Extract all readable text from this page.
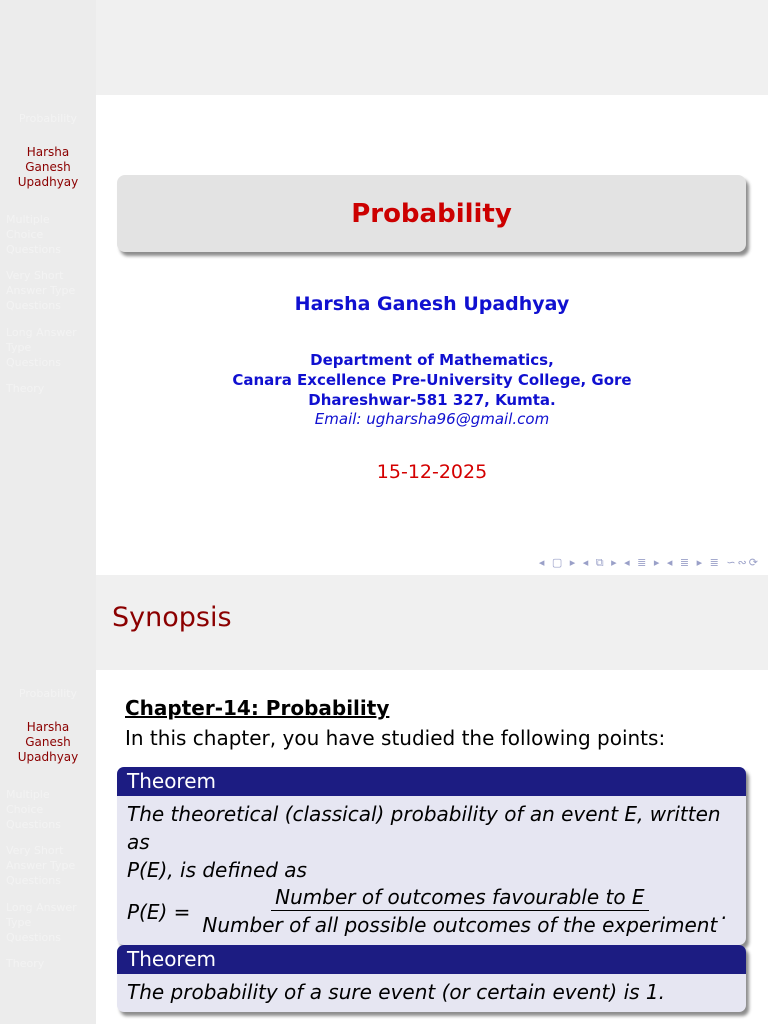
Probability
Harsha
Ganesh
Upadhyay
Multiple
Choice
Questions
Very Short
Answer Type
Questions
Long Answer
Type
Questions
Theory
Probability
Harsha Ganesh Upadhyay
Department of Mathematics,
Canara Excellence Pre-University College, Gore
Dhareshwar-581 327, Kumta.
Email: ugharsha96@gmail.com
15-12-2025
◂ ▢ ▸ ◂ ⧉ ▸ ◂ ≣ ▸ ◂ ≣ ▸ ≣ ∽∾⟳
Probability
Harsha
Ganesh
Upadhyay
Multiple
Choice
Questions
Very Short
Answer Type
Questions
Long Answer
Type
Questions
Theory
Synopsis
Chapter-14: Probability
In this chapter, you have studied the following points:
Theorem
The theoretical (classical) probability of an event E, written as
P(E), is defined as
$P(E) = \frac{\text{Number of outcomes favourable to E}}{\text{Number of all possible outcomes of the experiment}}$ .
Theorem
The probability of a sure event (or certain event) is 1.
